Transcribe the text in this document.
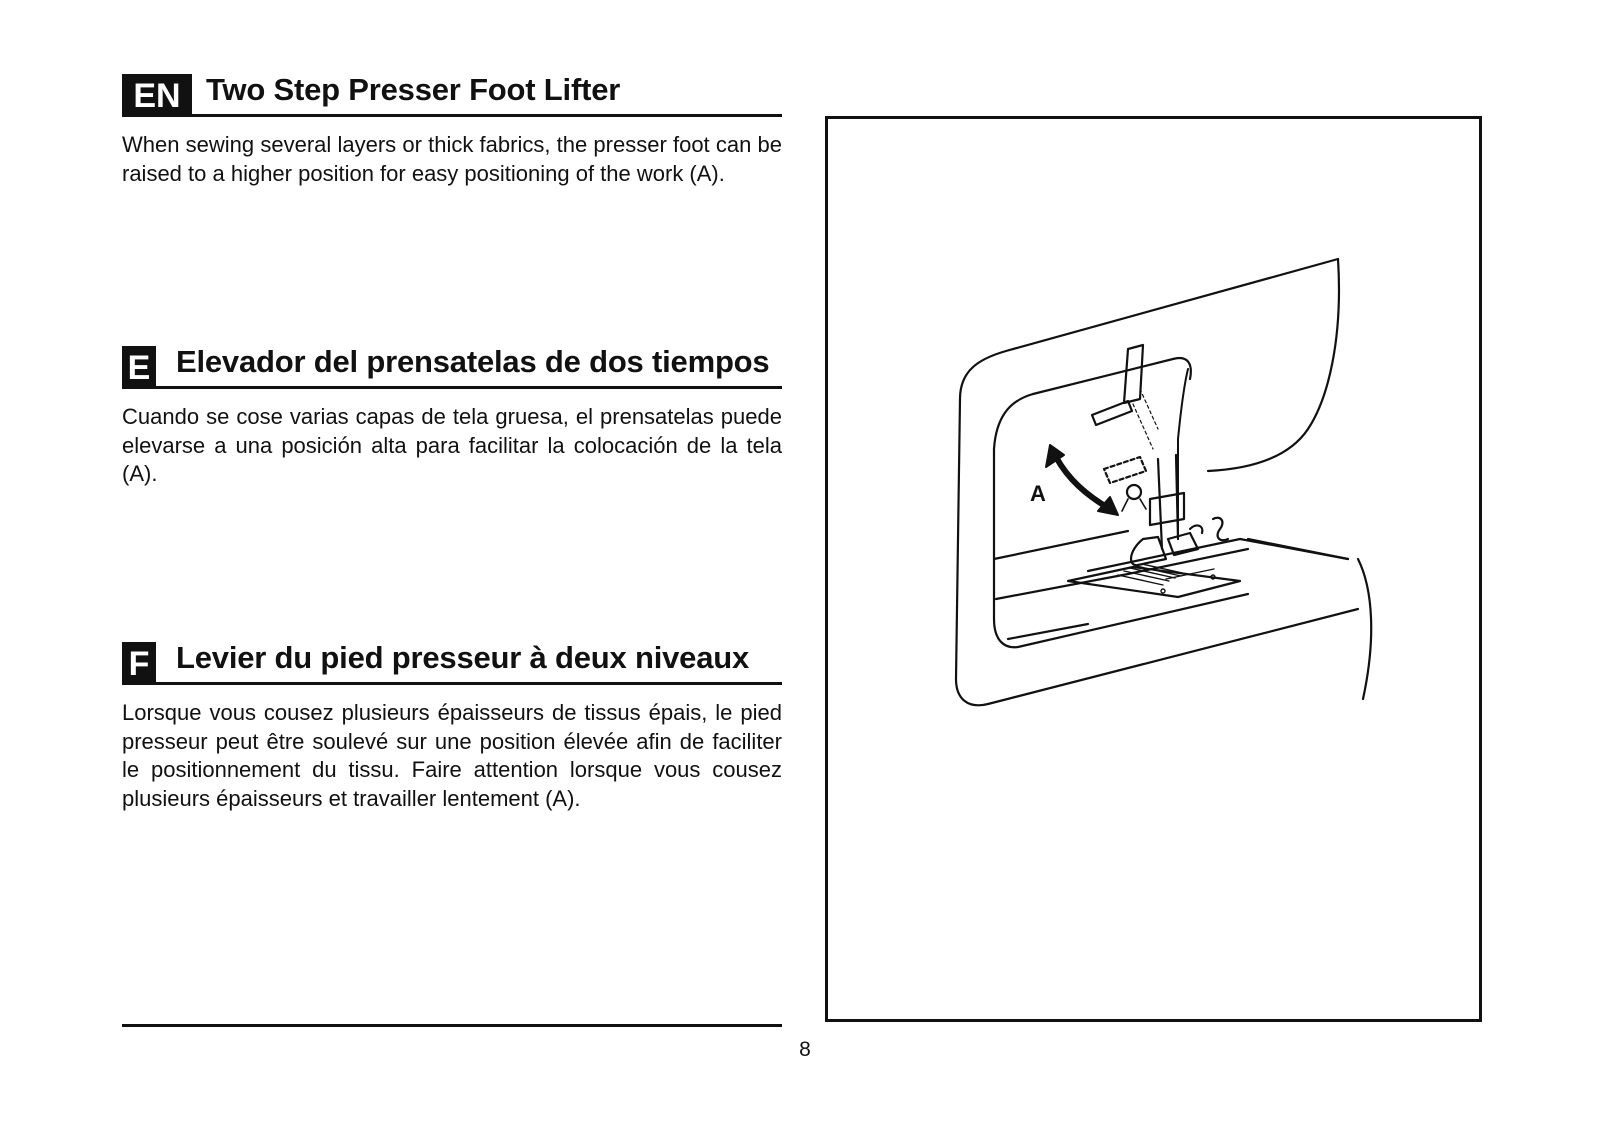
EN Two Step Presser Foot Lifter
When sewing several layers or thick fabrics, the presser foot can be raised to a higher position for easy positioning of the work (A).
E Elevador del prensatelas de dos tiempos
Cuando se cose varias capas de tela gruesa, el prensatelas puede elevarse a una posición alta para facilitar la colocación de la tela (A).
F Levier du pied presseur à deux niveaux
Lorsque vous cousez plusieurs épaisseurs de tissus épais, le pied presseur peut être soulevé sur une position élevée afin de faciliter le positionnement du tissu. Faire attention lorsque vous cousez plusieurs épaisseurs et travailler lentement (A).
8
A
